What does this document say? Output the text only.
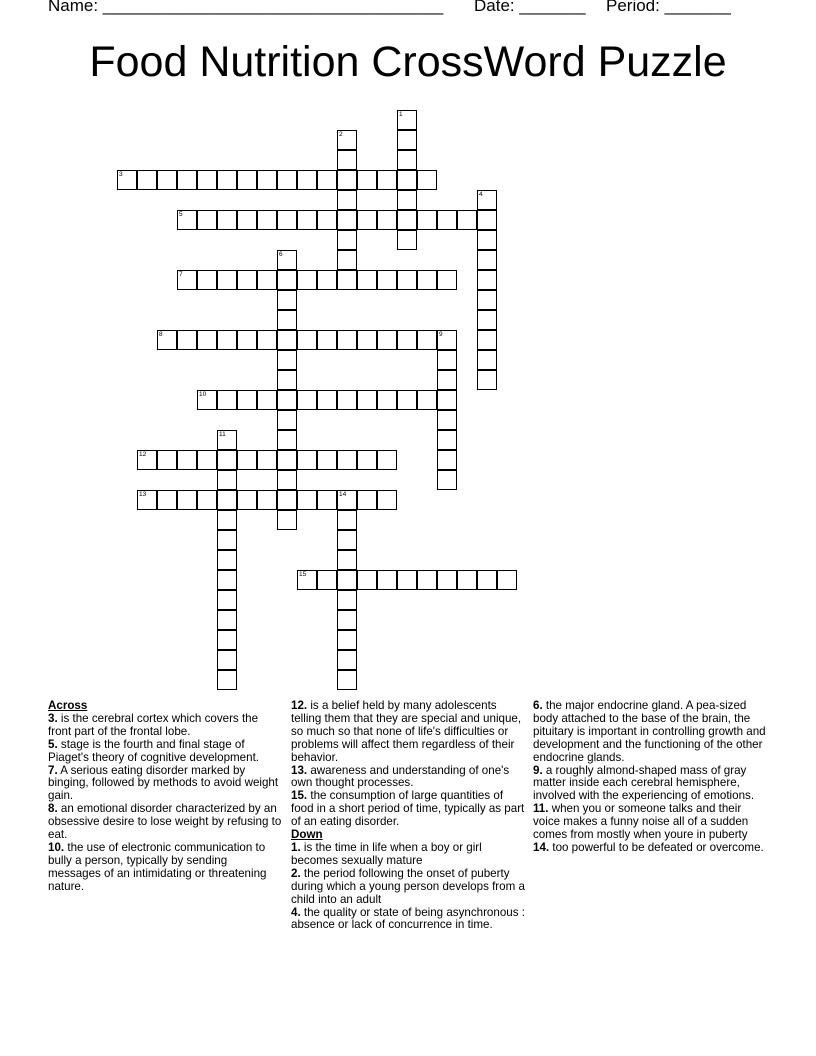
Name: ____________________________________ Date: _______ Period: _______
Food Nutrition CrossWord Puzzle
1
2
3
4
5
6
7
8	9
10
11
12
13	14
15
Across
3. is the cerebral cortex which covers the front part of the frontal lobe.
5. stage is the fourth and final stage of Piaget's theory of cognitive development.
7. A serious eating disorder marked by binging, followed by methods to avoid weight gain.
8. an emotional disorder characterized by an obsessive desire to lose weight by refusing to eat.
10. the use of electronic communication to bully a person, typically by sending messages of an intimidating or threatening nature.
12. is a belief held by many adolescents telling them that they are special and unique, so much so that none of life's difficulties or problems will affect them regardless of their behavior.
13. awareness and understanding of one's own thought processes.
15. the consumption of large quantities of food in a short period of time, typically as part of an eating disorder.
Down
1. is the time in life when a boy or girl becomes sexually mature
2. the period following the onset of puberty during which a young person develops from a child into an adult
4. the quality or state of being asynchronous : absence or lack of concurrence in time.
6. the major endocrine gland. A pea-sized body attached to the base of the brain, the pituitary is important in controlling growth and development and the functioning of the other endocrine glands.
9. a roughly almond-shaped mass of gray matter inside each cerebral hemisphere, involved with the experiencing of emotions.
11. when you or someone talks and their voice makes a funny noise all of a sudden comes from mostly when youre in puberty
14. too powerful to be defeated or overcome.
